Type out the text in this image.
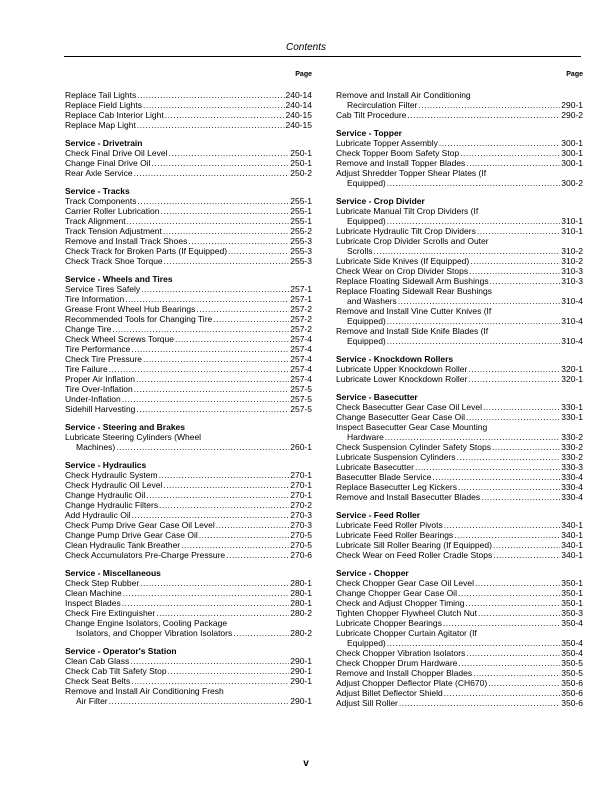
Contents
Page
Replace Tail Lights .....	240-14
Replace Field Lights .....	240-14
Replace Cab Interior Light .....	240-15
Replace Map Light .....	240-15
Service - Drivetrain
Check Final Drive Oil Level .....	250-1
Change Final Drive Oil .....	250-1
Rear Axle Service .....	250-2
Service - Tracks
Track Components .....	255-1
Carrier Roller Lubrication .....	255-1
Track Alignment .....	255-1
Track Tension Adjustment .....	255-2
Remove and Install Track Shoes .....	255-3
Check Track for Broken Parts (If Equipped) .....	255-3
Check Track Shoe Torque .....	255-3
Service - Wheels and Tires
Service Tires Safely .....	257-1
Tire Information .....	257-1
Grease Front Wheel Hub Bearings .....	257-2
Recommended Tools for Changing Tire .....	257-2
Change Tire .....	257-2
Check Wheel Screws Torque .....	257-4
Tire Performance .....	257-4
Check Tire Pressure .....	257-4
Tire Failure .....	257-4
Proper Air Inflation .....	257-4
Tire Over-Inflation .....	257-5
Under-Inflation .....	257-5
Sidehill Harvesting .....	257-5
Service - Steering and Brakes
Lubricate Steering Cylinders (Wheel
Machines) .....	260-1
Service - Hydraulics
Check Hydraulic System .....	270-1
Check Hydraulic Oil Level .....	270-1
Change Hydraulic Oil .....	270-1
Change Hydraulic Filters .....	270-2
Add Hydraulic Oil .....	270-3
Check Pump Drive Gear Case Oil Level .....	270-3
Change Pump Drive Gear Case Oil .....	270-5
Clean Hydraulic Tank Breather .....	270-5
Check Accumulators Pre-Charge Pressure .....	270-6
Service - Miscellaneous
Check Step Rubber .....	280-1
Clean Machine .....	280-1
Inspect Blades .....	280-1
Check Fire Extinguisher .....	280-2
Change Engine Isolators, Cooling Package
Isolators, and Chopper Vibration Isolators .....	280-2
Service - Operator's Station
Clean Cab Glass .....	290-1
Check Cab Tilt Safety Stop .....	290-1
Check Seat Belts .....	290-1
Remove and Install Air Conditioning Fresh
Air Filter .....	290-1
Page
Remove and Install Air Conditioning
Recirculation Filter .....	290-1
Cab Tilt Procedure .....	290-2
Service - Topper
Lubricate Topper Assembly .....	300-1
Check Topper Boom Safety Stop .....	300-1
Remove and Install Topper Blades .....	300-1
Adjust Shredder Topper Shear Plates (If
Equipped) .....	300-2
Service - Crop Divider
Lubricate Manual Tilt Crop Dividers (If
Equipped) .....	310-1
Lubricate Hydraulic Tilt Crop Dividers .....	310-1
Lubricate Crop Divider Scrolls and Outer
Scrolls .....	310-2
Lubricate Side Knives (If Equipped) .....	310-2
Check Wear on Crop Divider Stops .....	310-3
Replace Floating Sidewall Arm Bushings .....	310-3
Replace Floating Sidewall Rear Bushings
and Washers .....	310-4
Remove and Install Vine Cutter Knives (If
Equipped) .....	310-4
Remove and Install Side Knife Blades (If
Equipped) .....	310-4
Service - Knockdown Rollers
Lubricate Upper Knockdown Roller .....	320-1
Lubricate Lower Knockdown Roller .....	320-1
Service - Basecutter
Check Basecutter Gear Case Oil Level .....	330-1
Change Basecutter Gear Case Oil .....	330-1
Inspect Basecutter Gear Case Mounting
Hardware .....	330-2
Check Suspension Cylinder Safety Stops .....	330-2
Lubricate Suspension Cylinders .....	330-2
Lubricate Basecutter .....	330-3
Basecutter Blade Service .....	330-4
Replace Basecutter Leg Kickers .....	330-4
Remove and Install Basecutter Blades .....	330-4
Service - Feed Roller
Lubricate Feed Roller Pivots .....	340-1
Lubricate Feed Roller Bearings .....	340-1
Lubricate Sill Roller Bearing (If Equipped) .....	340-1
Check Wear on Feed Roller Cradle Stops .....	340-1
Service - Chopper
Check Chopper Gear Case Oil Level .....	350-1
Change Chopper Gear Case Oil .....	350-1
Check and Adjust Chopper Timing .....	350-1
Tighten Chopper Flywheel Clutch Nut .....	350-3
Lubricate Chopper Bearings .....	350-4
Lubricate Chopper Curtain Agitator (If
Equipped) .....	350-4
Check Chopper Vibration Isolators .....	350-4
Check Chopper Drum Hardware .....	350-5
Remove and Install Chopper Blades .....	350-5
Adjust Chopper Deflector Plate (CH670) .....	350-6
Adjust Billet Deflector Shield .....	350-6
Adjust Sill Roller .....	350-6
v
